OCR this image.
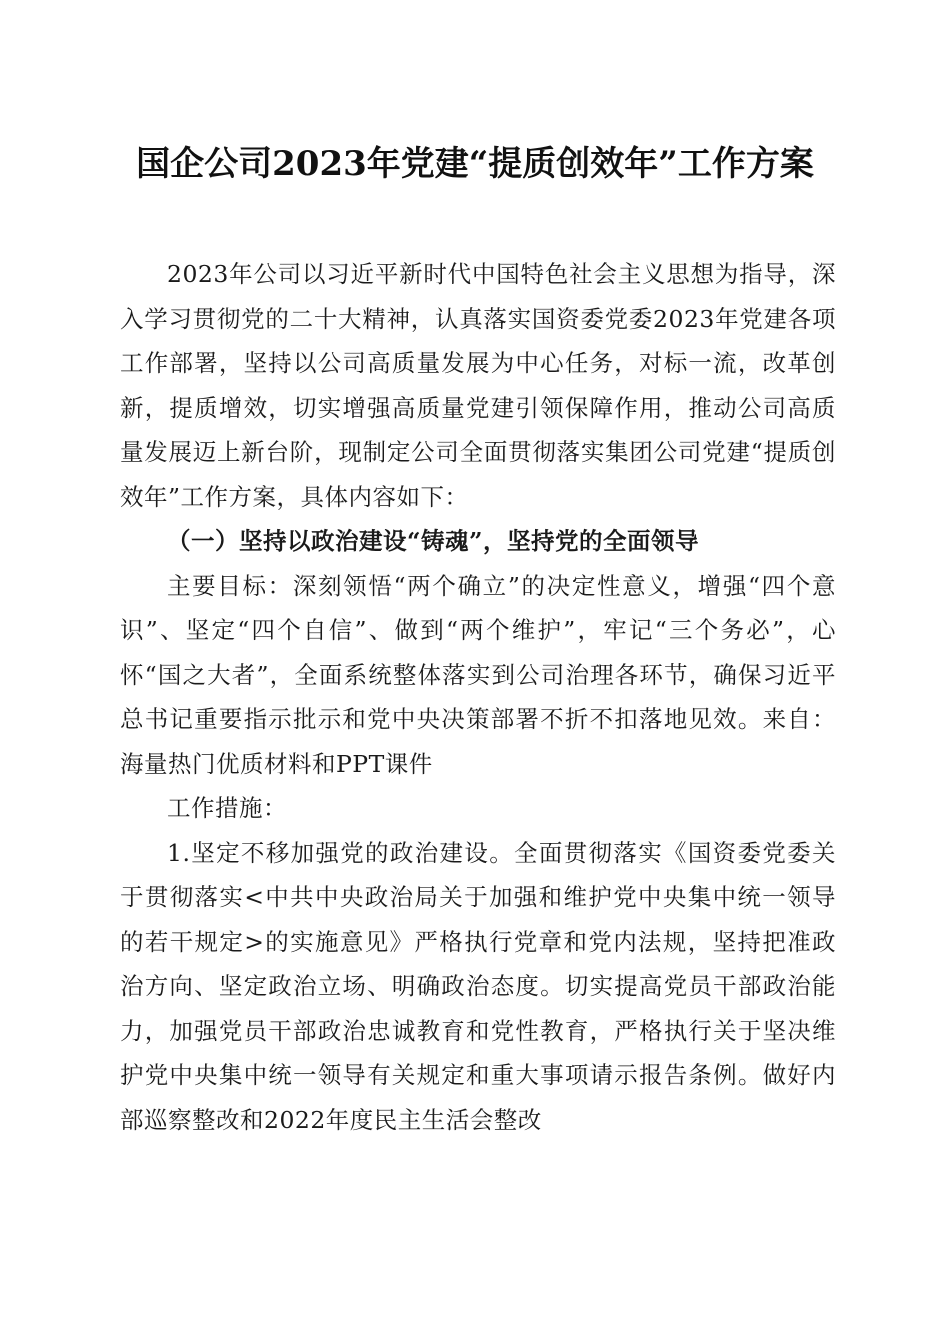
国企公司2023年党建“提质创效年”工作方案

2023年公司以习近平新时代中国特色社会主义思想为指导，深入学习贯彻党的二十大精神，认真落实国资委党委2023年党建各项工作部署，坚持以公司高质量发展为中心任务，对标一流，改革创新，提质增效，切实增强高质量党建引领保障作用，推动公司高质量发展迈上新台阶，现制定公司全面贯彻落实集团公司党建“提质创效年”工作方案，具体内容如下：

（一）坚持以政治建设“铸魂”，坚持党的全面领导

主要目标：深刻领悟“两个确立”的决定性意义，增强“四个意识”、坚定“四个自信”、做到“两个维护”，牢记“三个务必”，心怀“国之大者”，全面系统整体落实到公司治理各环节，确保习近平总书记重要指示批示和党中央决策部署不折不扣落地见效。来自：海量热门优质材料和PPT课件

工作措施：

1.坚定不移加强党的政治建设。全面贯彻落实《国资委党委关于贯彻落实<中共中央政治局关于加强和维护党中央集中统一领导的若干规定>的实施意见》严格执行党章和党内法规，坚持把准政治方向、坚定政治立场、明确政治态度。切实提高党员干部政治能力，加强党员干部政治忠诚教育和党性教育，严格执行关于坚决维护党中央集中统一领导有关规定和重大事项请示报告条例。做好内部巡察整改和2022年度民主生活会整改
